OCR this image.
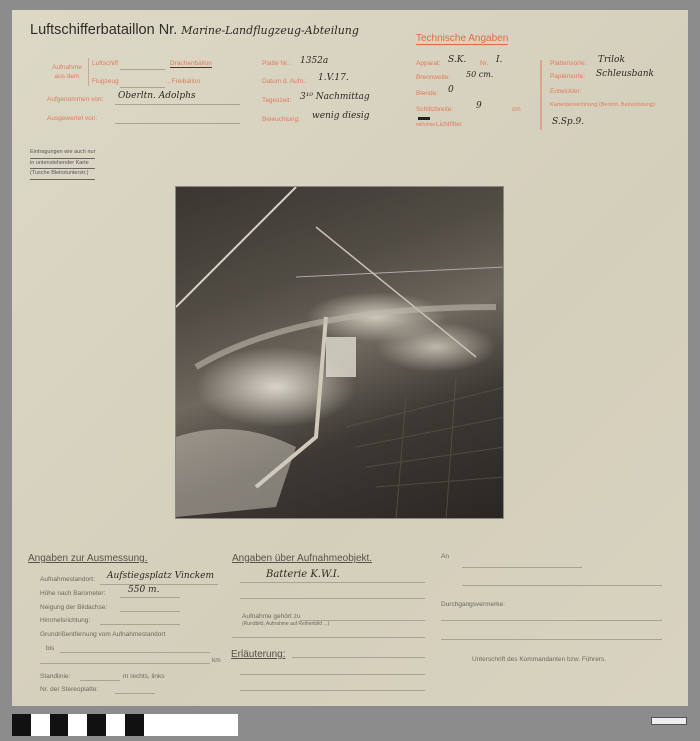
Luftschifferbataillon Nr. Marine-Landflugzeug-Abteilung
Aufnahme aus dem
Luftschiff	Drachenballon
Flugzeug	, Freiballon
Aufgenommen von: Oberltn. Adolphs
Ausgewertet von:
Eintragungen wie auch nur
in untenstehender Karte
(Tusche Bleirotunterstr.)
Platte Nr.: 1352a
Datum d. Aufn.: 1.V.17.
Tageszeit: 3¹⁰ Nachmittag
Beleuchtung: wenig diesig
Technische Angaben
Apparat: S.K. Nr. I.
Brennweite: 50 cm.
Blende: 0
Schlitzbreite:	9	cm
mit/ohne Lichtfilter
Plattensorte: Trilok
Papiersorte: Schleusbank
Entwickler:
Kartenbezeichnung (Bericht, Bezeichnung):
S.Sp.9.
Angaben zur Ausmessung.
Aufnahmestandort: Aufstiegsplatz Vinckem
Höhe nach Barometer:	550 m.
Neigung der Bildachse:
Himmelsrichtung:
Grundrißentfernung vom Aufnahmestandort
bis
km
Standlinie:	m rechts, links
Nr. der Stereoplatte:
Angaben über Aufnahmeobjekt.
Batterie K.W.I.
Aufnahme gehört zu
(Rundbild, Aufnahme auf Reihenbild ...)
Erläuterung:
An
Durchgangsvermerke:
Unterschrift des Kommandanten bzw. Führers.
